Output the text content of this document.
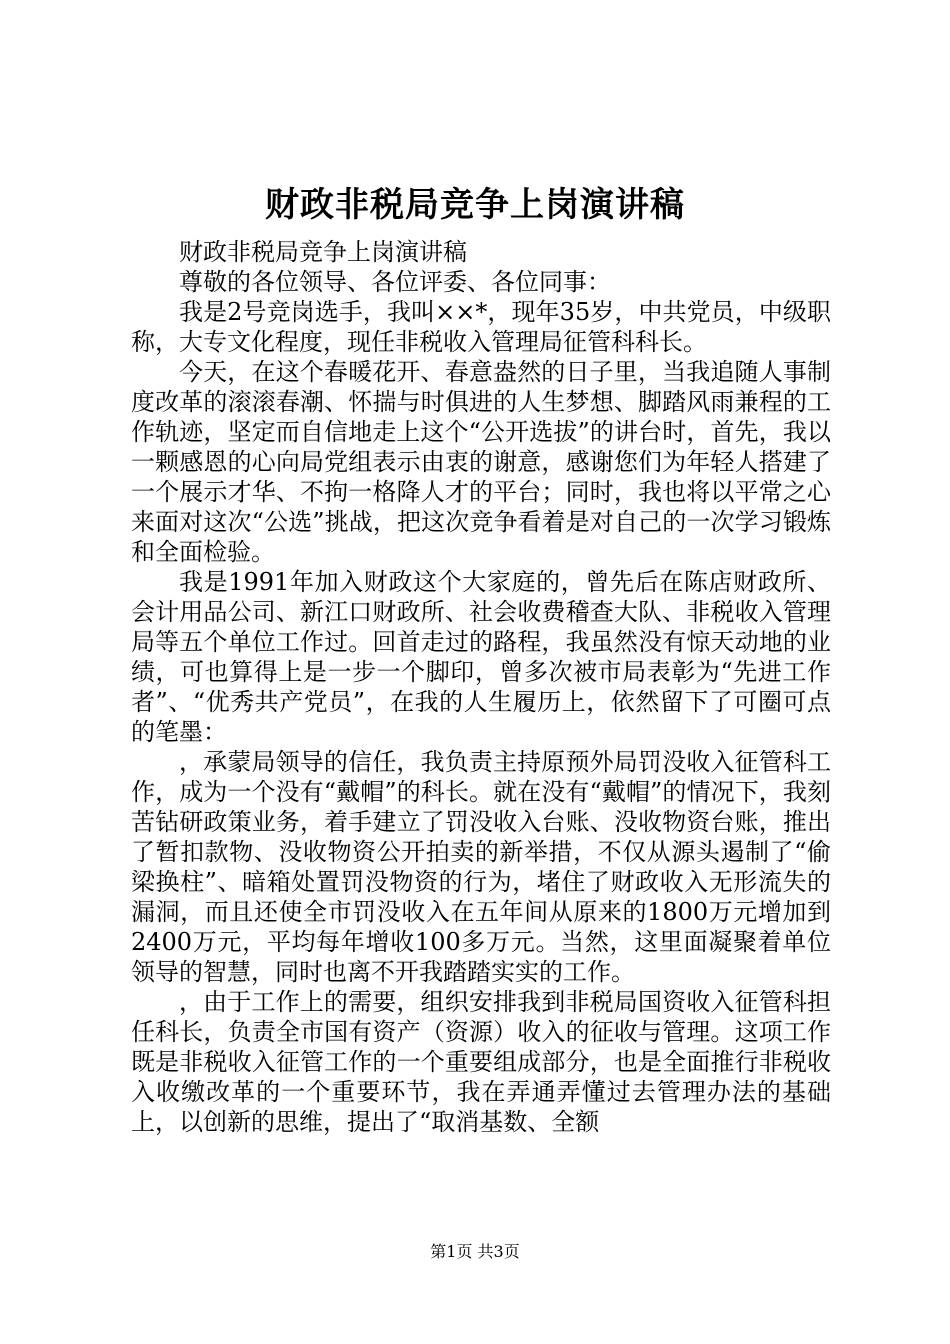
财政非税局竞争上岗演讲稿

财政非税局竞争上岗演讲稿

尊敬的各位领导、各位评委、各位同事：

我是2号竞岗选手，我叫××*，现年35岁，中共党员，中级职称，大专文化程度，现任非税收入管理局征管科科长。

今天，在这个春暖花开、春意盎然的日子里，当我追随人事制度改革的滚滚春潮、怀揣与时俱进的人生梦想、脚踏风雨兼程的工作轨迹，坚定而自信地走上这个“公开选拔”的讲台时，首先，我以一颗感恩的心向局党组表示由衷的谢意，感谢您们为年轻人搭建了一个展示才华、不拘一格降人才的平台；同时，我也将以平常之心来面对这次“公选”挑战，把这次竞争看着是对自己的一次学习锻炼和全面检验。

我是1991年加入财政这个大家庭的，曾先后在陈店财政所、会计用品公司、新江口财政所、社会收费稽查大队、非税收入管理局等五个单位工作过。回首走过的路程，我虽然没有惊天动地的业绩，可也算得上是一步一个脚印，曾多次被市局表彰为“先进工作者”、“优秀共产党员”，在我的人生履历上，依然留下了可圈可点的笔墨：

，承蒙局领导的信任，我负责主持原预外局罚没收入征管科工作，成为一个没有“戴帽”的科长。就在没有“戴帽”的情况下，我刻苦钻研政策业务，着手建立了罚没收入台账、没收物资台账，推出了暂扣款物、没收物资公开拍卖的新举措，不仅从源头遏制了“偷梁换柱”、暗箱处置罚没物资的行为，堵住了财政收入无形流失的漏洞，而且还使全市罚没收入在五年间从原来的1800万元增加到2400万元，平均每年增收100多万元。当然，这里面凝聚着单位领导的智慧，同时也离不开我踏踏实实的工作。

，由于工作上的需要，组织安排我到非税局国资收入征管科担任科长，负责全市国有资产（资源）收入的征收与管理。这项工作既是非税收入征管工作的一个重要组成部分，也是全面推行非税收入收缴改革的一个重要环节，我在弄通弄懂过去管理办法的基础上，以创新的思维，提出了“取消基数、全额

第1页 共3页
